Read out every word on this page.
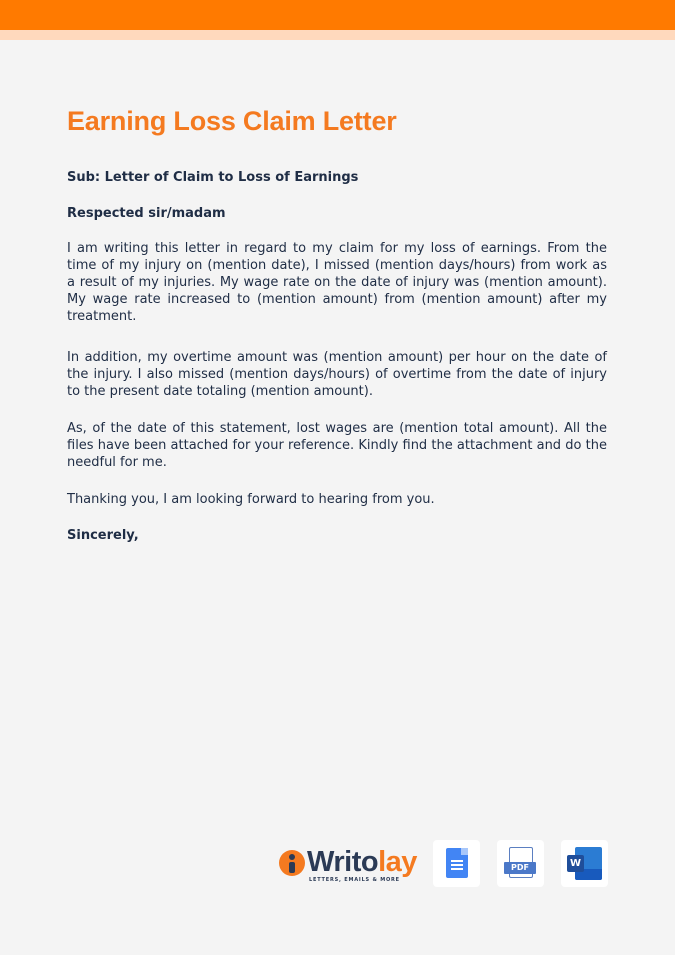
Earning Loss Claim Letter
Sub: Letter of Claim to Loss of Earnings
Respected sir/madam

I am writing this letter in regard to my claim for my loss of earnings. From the time of my injury on (mention date), I missed (mention days/hours) from work as a result of my injuries. My wage rate on the date of injury was (mention amount). My wage rate increased to (mention amount) from (mention amount) after my treatment.

In addition, my overtime amount was (mention amount) per hour on the date of the injury. I also missed (mention days/hours) of overtime from the date of injury to the present date totaling (mention amount).

As, of the date of this statement, lost wages are (mention total amount). All the files have been attached for your reference. Kindly find the attachment and do the needful for me.

Thanking you, I am looking forward to hearing from you.

Sincerely,
Writolay
LETTERS, EMAILS & MORE
PDF	W
